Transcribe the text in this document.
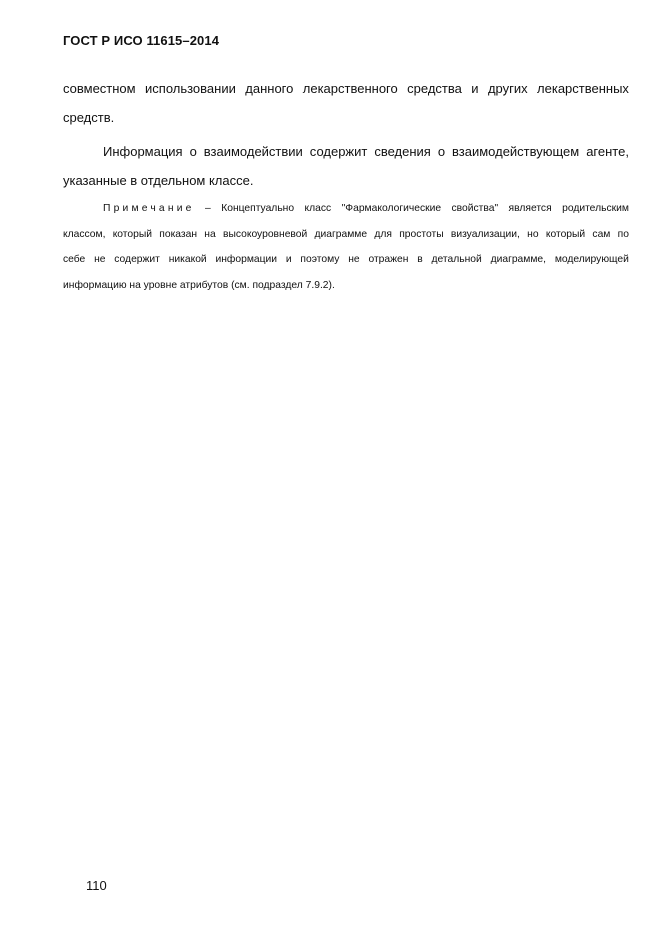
ГОСТ Р ИСО 11615–2014
совместном использовании данного лекарственного средства и других лекарственных
средств.
Информация о взаимодействии содержит сведения о взаимодействующем агенте,
указанные в отдельном классе.
Примечание – Концептуально класс "Фармакологические свойства" является родительским
классом, который показан на высокоуровневой диаграмме для простоты визуализации, но который сам по
себе не содержит никакой информации и поэтому не отражен в детальной диаграмме, моделирующей
информацию на уровне атрибутов (см. подраздел 7.9.2).
110
